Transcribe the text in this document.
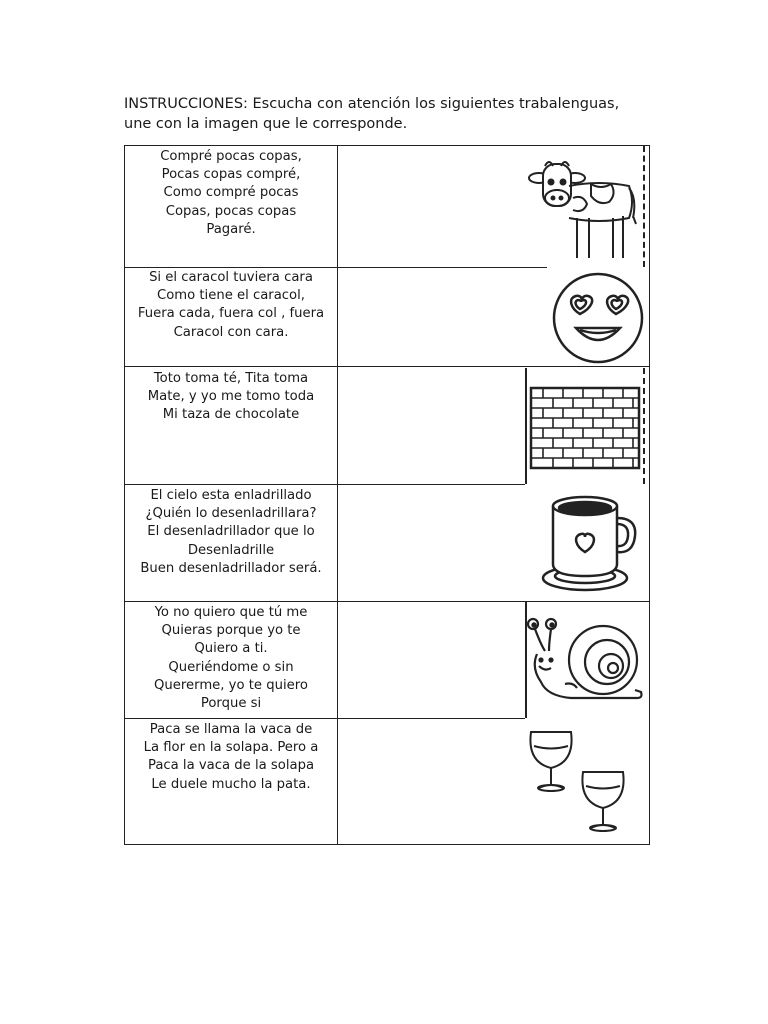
INSTRUCCIONES: Escucha con atención los siguientes trabalenguas, une con la imagen que le corresponde.

Compré pocas copas,
Pocas copas compré,
Como compré pocas
Copas, pocas copas
Pagaré.
Si el caracol tuviera cara
Como tiene el caracol,
Fuera cada, fuera col , fuera
Caracol con cara.
Toto toma té, Tita toma
Mate, y yo me tomo toda
Mi taza de chocolate
El cielo esta enladrillado
¿Quién lo desenladrillara?
El desenladrillador que lo
Desenladrille
Buen desenladrillador será.
Yo no quiero que tú me
Quieras porque yo te
Quiero a ti.
Queriéndome o sin
Quererme, yo te quiero
Porque si
Paca se llama la vaca de
La flor en la solapa. Pero a
Paca la vaca de la solapa
Le duele mucho la pata.
